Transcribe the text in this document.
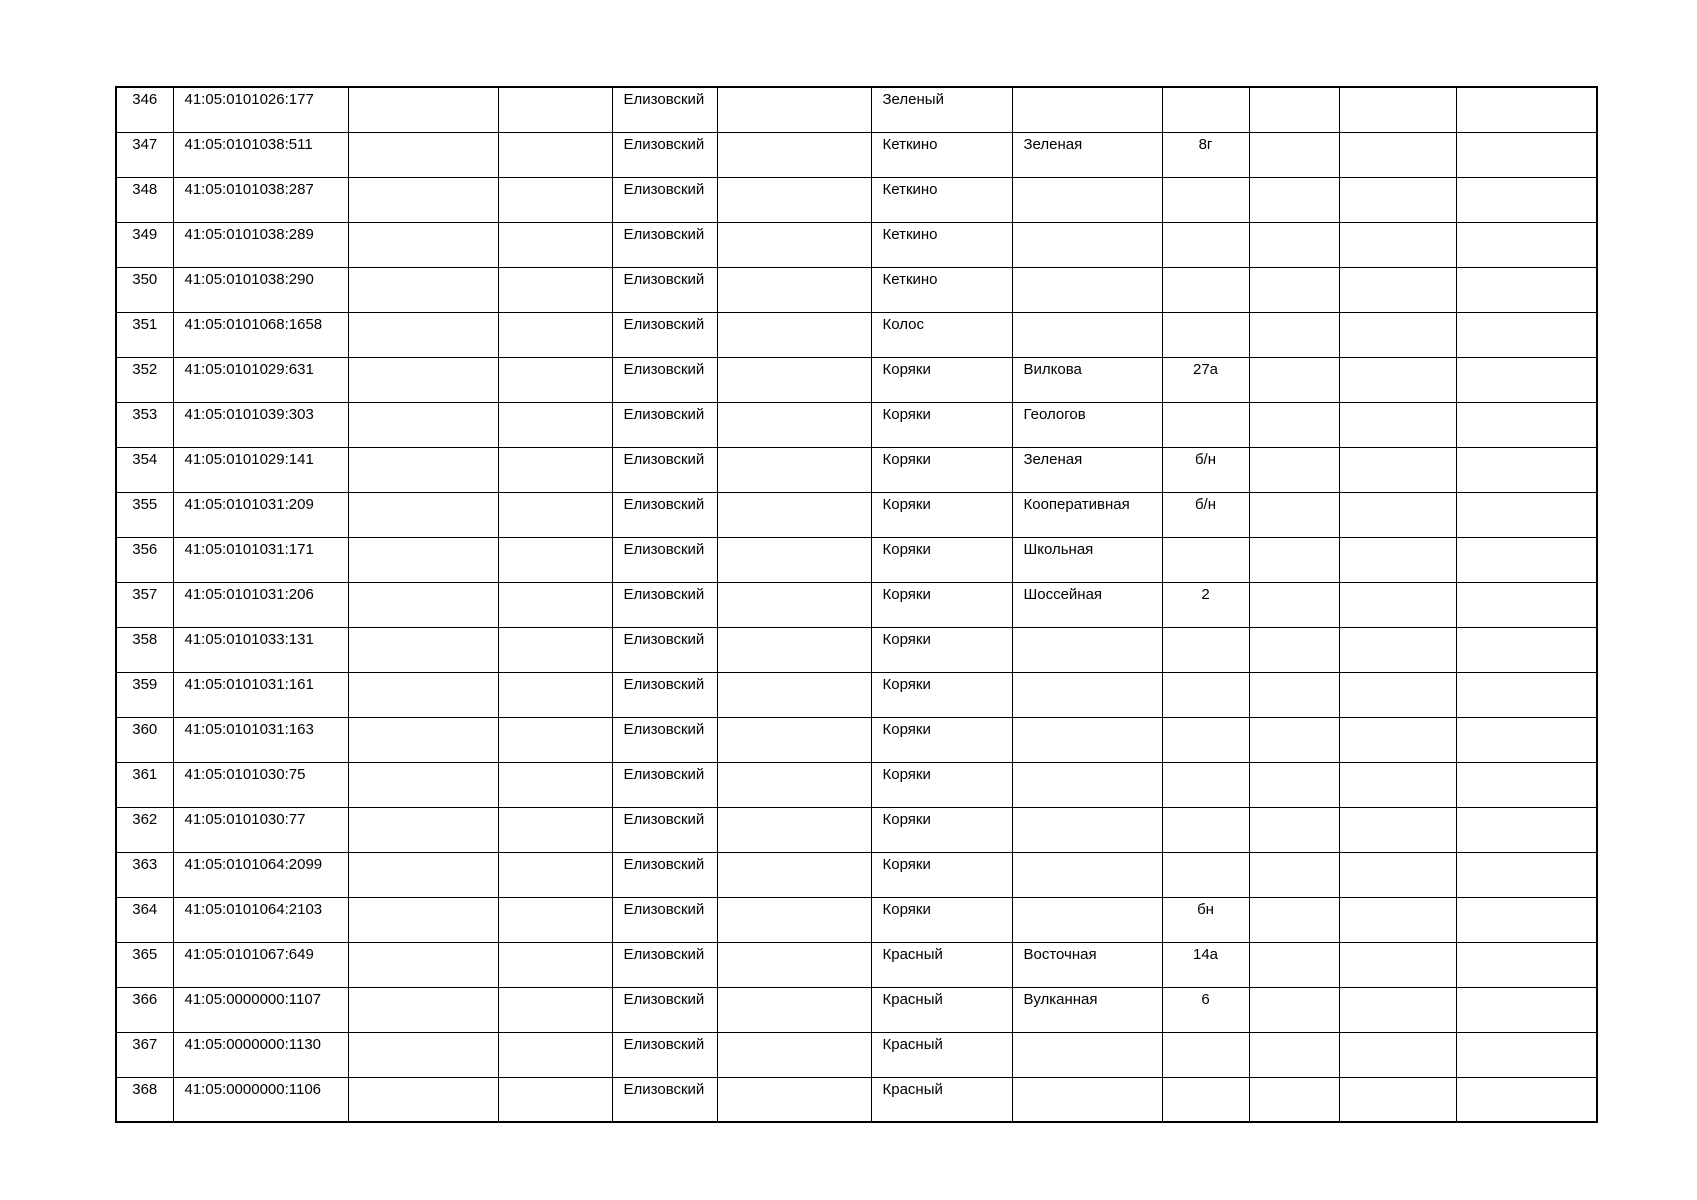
346	41:05:0101026:177			Елизовский		Зеленый					

347	41:05:0101038:511			Елизовский		Кеткино	Зеленая	8г			

348	41:05:0101038:287			Елизовский		Кеткино					

349	41:05:0101038:289			Елизовский		Кеткино					

350	41:05:0101038:290			Елизовский		Кеткино					

351	41:05:0101068:1658			Елизовский		Колос					

352	41:05:0101029:631			Елизовский		Коряки	Вилкова	27а			

353	41:05:0101039:303			Елизовский		Коряки	Геологов				

354	41:05:0101029:141			Елизовский		Коряки	Зеленая	б/н			

355	41:05:0101031:209			Елизовский		Коряки	Кооперативная	б/н			

356	41:05:0101031:171			Елизовский		Коряки	Школьная				

357	41:05:0101031:206			Елизовский		Коряки	Шоссейная	2			

358	41:05:0101033:131			Елизовский		Коряки					

359	41:05:0101031:161			Елизовский		Коряки					

360	41:05:0101031:163			Елизовский		Коряки					

361	41:05:0101030:75			Елизовский		Коряки					

362	41:05:0101030:77			Елизовский		Коряки					

363	41:05:0101064:2099			Елизовский		Коряки					

364	41:05:0101064:2103			Елизовский		Коряки		бн			

365	41:05:0101067:649			Елизовский		Красный	Восточная	14а			

366	41:05:0000000:1107			Елизовский		Красный	Вулканная	6			

367	41:05:0000000:1130			Елизовский		Красный					

368	41:05:0000000:1106			Елизовский		Красный					
